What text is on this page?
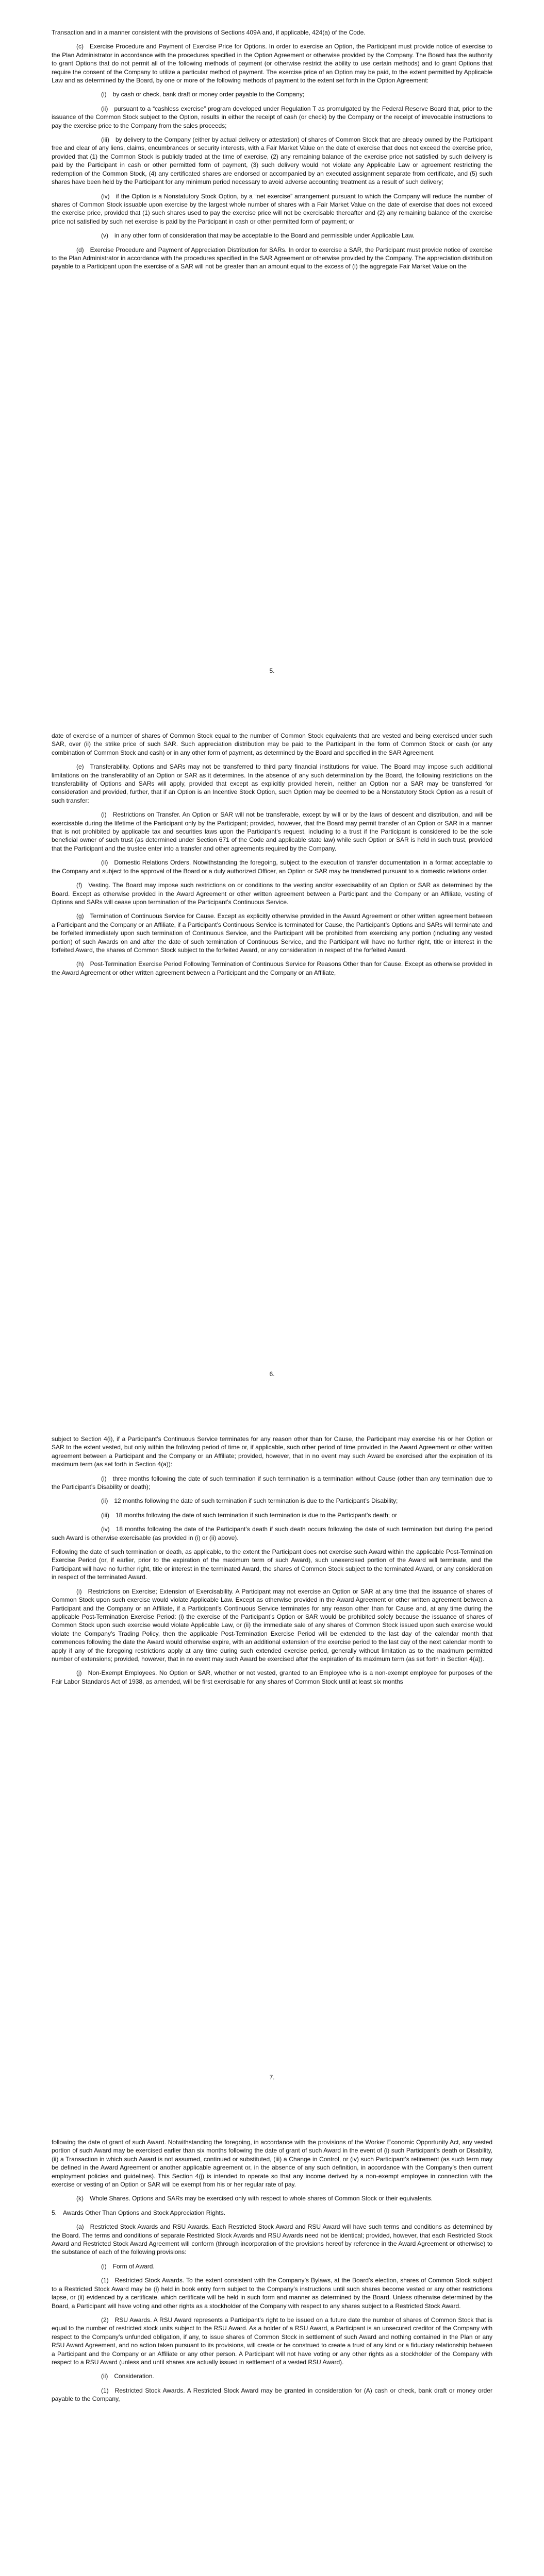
Transaction and in a manner consistent with the provisions of Sections 409A and, if applicable, 424(a) of the Code.

(c) Exercise Procedure and Payment of Exercise Price for Options. In order to exercise an Option, the Participant must provide notice of exercise to the Plan Administrator in accordance with the procedures specified in the Option Agreement or otherwise provided by the Company. The Board has the authority to grant Options that do not permit all of the following methods of payment (or otherwise restrict the ability to use certain methods) and to grant Options that require the consent of the Company to utilize a particular method of payment. The exercise price of an Option may be paid, to the extent permitted by Applicable Law and as determined by the Board, by one or more of the following methods of payment to the extent set forth in the Option Agreement:

(i) by cash or check, bank draft or money order payable to the Company;

(ii) pursuant to a “cashless exercise” program developed under Regulation T as promulgated by the Federal Reserve Board that, prior to the issuance of the Common Stock subject to the Option, results in either the receipt of cash (or check) by the Company or the receipt of irrevocable instructions to pay the exercise price to the Company from the sales proceeds;

(iii) by delivery to the Company (either by actual delivery or attestation) of shares of Common Stock that are already owned by the Participant free and clear of any liens, claims, encumbrances or security interests, with a Fair Market Value on the date of exercise that does not exceed the exercise price, provided that (1) the Common Stock is publicly traded at the time of exercise, (2) any remaining balance of the exercise price not satisfied by such delivery is paid by the Participant in cash or other permitted form of payment, (3) such delivery would not violate any Applicable Law or agreement restricting the redemption of the Common Stock, (4) any certificated shares are endorsed or accompanied by an executed assignment separate from certificate, and (5) such shares have been held by the Participant for any minimum period necessary to avoid adverse accounting treatment as a result of such delivery;

(iv) if the Option is a Nonstatutory Stock Option, by a “net exercise” arrangement pursuant to which the Company will reduce the number of shares of Common Stock issuable upon exercise by the largest whole number of shares with a Fair Market Value on the date of exercise that does not exceed the exercise price, provided that (1) such shares used to pay the exercise price will not be exercisable thereafter and (2) any remaining balance of the exercise price not satisfied by such net exercise is paid by the Participant in cash or other permitted form of payment; or

(v) in any other form of consideration that may be acceptable to the Board and permissible under Applicable Law.

(d) Exercise Procedure and Payment of Appreciation Distribution for SARs. In order to exercise a SAR, the Participant must provide notice of exercise to the Plan Administrator in accordance with the procedures specified in the SAR Agreement or otherwise provided by the Company. The appreciation distribution payable to a Participant upon the exercise of a SAR will not be greater than an amount equal to the excess of (i) the aggregate Fair Market Value on the

5.

date of exercise of a number of shares of Common Stock equal to the number of Common Stock equivalents that are vested and being exercised under such SAR, over (ii) the strike price of such SAR. Such appreciation distribution may be paid to the Participant in the form of Common Stock or cash (or any combination of Common Stock and cash) or in any other form of payment, as determined by the Board and specified in the SAR Agreement.

(e) Transferability. Options and SARs may not be transferred to third party financial institutions for value. The Board may impose such additional limitations on the transferability of an Option or SAR as it determines. In the absence of any such determination by the Board, the following restrictions on the transferability of Options and SARs will apply, provided that except as explicitly provided herein, neither an Option nor a SAR may be transferred for consideration and provided, further, that if an Option is an Incentive Stock Option, such Option may be deemed to be a Nonstatutory Stock Option as a result of such transfer:

(i) Restrictions on Transfer. An Option or SAR will not be transferable, except by will or by the laws of descent and distribution, and will be exercisable during the lifetime of the Participant only by the Participant; provided, however, that the Board may permit transfer of an Option or SAR in a manner that is not prohibited by applicable tax and securities laws upon the Participant’s request, including to a trust if the Participant is considered to be the sole beneficial owner of such trust (as determined under Section 671 of the Code and applicable state law) while such Option or SAR is held in such trust, provided that the Participant and the trustee enter into a transfer and other agreements required by the Company.

(ii) Domestic Relations Orders. Notwithstanding the foregoing, subject to the execution of transfer documentation in a format acceptable to the Company and subject to the approval of the Board or a duly authorized Officer, an Option or SAR may be transferred pursuant to a domestic relations order.

(f) Vesting. The Board may impose such restrictions on or conditions to the vesting and/or exercisability of an Option or SAR as determined by the Board. Except as otherwise provided in the Award Agreement or other written agreement between a Participant and the Company or an Affiliate, vesting of Options and SARs will cease upon termination of the Participant’s Continuous Service.

(g) Termination of Continuous Service for Cause. Except as explicitly otherwise provided in the Award Agreement or other written agreement between a Participant and the Company or an Affiliate, if a Participant’s Continuous Service is terminated for Cause, the Participant’s Options and SARs will terminate and be forfeited immediately upon such termination of Continuous Service, and the Participant will be prohibited from exercising any portion (including any vested portion) of such Awards on and after the date of such termination of Continuous Service, and the Participant will have no further right, title or interest in the forfeited Award, the shares of Common Stock subject to the forfeited Award, or any consideration in respect of the forfeited Award.

(h) Post-Termination Exercise Period Following Termination of Continuous Service for Reasons Other than for Cause. Except as otherwise provided in the Award Agreement or other written agreement between a Participant and the Company or an Affiliate,

6.

subject to Section 4(i), if a Participant’s Continuous Service terminates for any reason other than for Cause, the Participant may exercise his or her Option or SAR to the extent vested, but only within the following period of time or, if applicable, such other period of time provided in the Award Agreement or other written agreement between a Participant and the Company or an Affiliate; provided, however, that in no event may such Award be exercised after the expiration of its maximum term (as set forth in Section 4(a)):

(i) three months following the date of such termination if such termination is a termination without Cause (other than any termination due to the Participant’s Disability or death);

(ii) 12 months following the date of such termination if such termination is due to the Participant’s Disability;

(iii) 18 months following the date of such termination if such termination is due to the Participant’s death; or

(iv) 18 months following the date of the Participant’s death if such death occurs following the date of such termination but during the period such Award is otherwise exercisable (as provided in (i) or (ii) above).

Following the date of such termination or death, as applicable, to the extent the Participant does not exercise such Award within the applicable Post-Termination Exercise Period (or, if earlier, prior to the expiration of the maximum term of such Award), such unexercised portion of the Award will terminate, and the Participant will have no further right, title or interest in the terminated Award, the shares of Common Stock subject to the terminated Award, or any consideration in respect of the terminated Award.

(i) Restrictions on Exercise; Extension of Exercisability. A Participant may not exercise an Option or SAR at any time that the issuance of shares of Common Stock upon such exercise would violate Applicable Law. Except as otherwise provided in the Award Agreement or other written agreement between a Participant and the Company or an Affiliate, if a Participant’s Continuous Service terminates for any reason other than for Cause and, at any time during the applicable Post-Termination Exercise Period: (i) the exercise of the Participant’s Option or SAR would be prohibited solely because the issuance of shares of Common Stock upon such exercise would violate Applicable Law, or (ii) the immediate sale of any shares of Common Stock issued upon such exercise would violate the Company’s Trading Policy, then the applicable Post-Termination Exercise Period will be extended to the last day of the calendar month that commences following the date the Award would otherwise expire, with an additional extension of the exercise period to the last day of the next calendar month to apply if any of the foregoing restrictions apply at any time during such extended exercise period, generally without limitation as to the maximum permitted number of extensions; provided, however, that in no event may such Award be exercised after the expiration of its maximum term (as set forth in Section 4(a)).

(j) Non-Exempt Employees. No Option or SAR, whether or not vested, granted to an Employee who is a non-exempt employee for purposes of the Fair Labor Standards Act of 1938, as amended, will be first exercisable for any shares of Common Stock until at least six months

7.

following the date of grant of such Award. Notwithstanding the foregoing, in accordance with the provisions of the Worker Economic Opportunity Act, any vested portion of such Award may be exercised earlier than six months following the date of grant of such Award in the event of (i) such Participant’s death or Disability, (ii) a Transaction in which such Award is not assumed, continued or substituted, (iii) a Change in Control, or (iv) such Participant’s retirement (as such term may be defined in the Award Agreement or another applicable agreement or, in the absence of any such definition, in accordance with the Company’s then current employment policies and guidelines). This Section 4(j) is intended to operate so that any income derived by a non-exempt employee in connection with the exercise or vesting of an Option or SAR will be exempt from his or her regular rate of pay.

(k) Whole Shares. Options and SARs may be exercised only with respect to whole shares of Common Stock or their equivalents.

5. Awards Other Than Options and Stock Appreciation Rights.

(a) Restricted Stock Awards and RSU Awards. Each Restricted Stock Award and RSU Award will have such terms and conditions as determined by the Board. The terms and conditions of separate Restricted Stock Awards and RSU Awards need not be identical; provided, however, that each Restricted Stock Award and Restricted Stock Award Agreement will conform (through incorporation of the provisions hereof by reference in the Award Agreement or otherwise) to the substance of each of the following provisions:

(i) Form of Award.

(1) Restricted Stock Awards. To the extent consistent with the Company’s Bylaws, at the Board’s election, shares of Common Stock subject to a Restricted Stock Award may be (i) held in book entry form subject to the Company’s instructions until such shares become vested or any other restrictions lapse, or (ii) evidenced by a certificate, which certificate will be held in such form and manner as determined by the Board. Unless otherwise determined by the Board, a Participant will have voting and other rights as a stockholder of the Company with respect to any shares subject to a Restricted Stock Award.

(2) RSU Awards. A RSU Award represents a Participant’s right to be issued on a future date the number of shares of Common Stock that is equal to the number of restricted stock units subject to the RSU Award. As a holder of a RSU Award, a Participant is an unsecured creditor of the Company with respect to the Company’s unfunded obligation, if any, to issue shares of Common Stock in settlement of such Award and nothing contained in the Plan or any RSU Award Agreement, and no action taken pursuant to its provisions, will create or be construed to create a trust of any kind or a fiduciary relationship between a Participant and the Company or an Affiliate or any other person. A Participant will not have voting or any other rights as a stockholder of the Company with respect to a RSU Award (unless and until shares are actually issued in settlement of a vested RSU Award).

(ii) Consideration.

(1) Restricted Stock Awards. A Restricted Stock Award may be granted in consideration for (A) cash or check, bank draft or money order payable to the Company,
